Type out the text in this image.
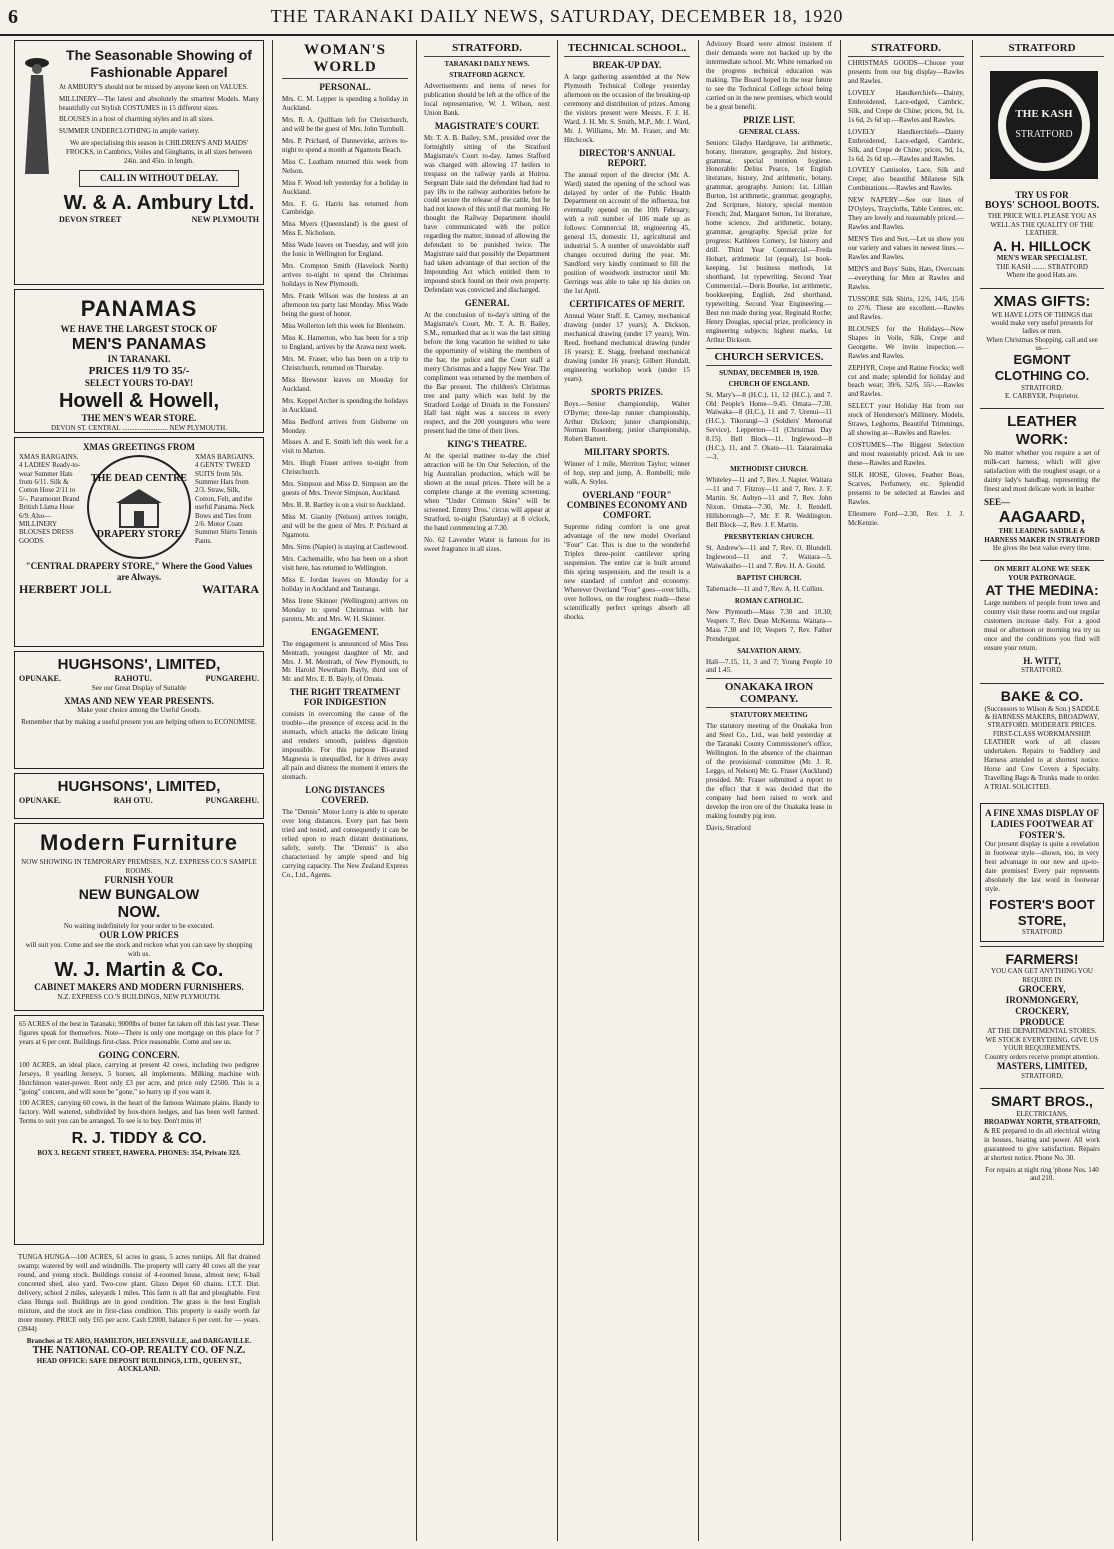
6	THE TARANAKI DAILY NEWS, SATURDAY, DECEMBER 18, 1920
The Seasonable Showing of Fashionable Apparel
At AMBURY'S should not be missed by anyone keen on VALUES.
MILLINERY—The latest and absolutely the smartest Models. Many beautifully cut Stylish COSTUMES in 15 different sizes.
BLOUSES in a host of charming styles and in all sizes.
SUMMER UNDERCLOTHING in ample variety.
We are specialising this season in CHILDREN'S AND MAIDS' FROCKS, in Cambrics, Voiles and Ginghams, in all sizes between 24in. and 45in. in length.
CALL IN WITHOUT DELAY.
W. & A. Ambury Ltd.
DEVON STREET	NEW PLYMOUTH
PANAMAS
WE HAVE THE LARGEST STOCK OF
MEN'S PANAMAS
IN TARANAKI.
PRICES 11/9 TO 35/-
SELECT YOURS TO-DAY!
Howell & Howell,
THE MEN'S WEAR STORE.
DEVON ST. CENTRAL .......................... NEW PLYMOUTH.
XMAS GREETINGS FROM
XMAS BARGAINS. 4 LADIES' Ready-to-wear Summer Hats from 6/11. Silk & Cotton Hose 2/11 to 5/-. Paramount Brand British Llama Hose 6/9. Also— MILLINERY BLOUSES DRESS GOODS.
THE DEAD CENTRE
DRAPERY STORE
XMAS BARGAINS. 4 GENTS' TWEED SUITS from 50s. Summer Hats from 2/3. Straw, Silk, Cotton, Felt, and the useful Panama. Neck Bows and Ties from 2/6. Motor Coats Summer Shirts Tennis Pants.
"CENTRAL DRAPERY STORE," Where the Good Values are Always.
HERBERT JOLL	WAITARA
HUGHSONS', LIMITED,
OPUNAKE.	RAHOTU.	PUNGAREHU.
See our Great Display of Suitable
XMAS AND NEW YEAR PRESENTS.
Make your choice among the Useful Goods.
Remember that by making a useful present you are helping others to ECONOMISE.
HUGHSONS', LIMITED,
OPUNAKE.	RAH OTU.	PUNGAREHU.
Modern Furniture
NOW SHOWING IN TEMPORARY PREMISES, N.Z. EXPRESS CO.'S SAMPLE ROOMS.
FURNISH YOUR
NEW BUNGALOW
NOW.
No waiting indefinitely for your order to be executed.
OUR LOW PRICES
will suit you. Come and see the stock and reckon what you can save by shopping with us.
W. J. Martin & Co.
CABINET MAKERS AND MODERN FURNISHERS.
N.Z. EXPRESS CO.'S BUILDINGS, NEW PLYMOUTH.
65 ACRES of the best in Taranaki; 9000lbs of butter fat taken off this last year. These figures speak for themselves. Note—There is only one mortgage on this place for 7 years at 6 per cent. Buildings first-class. Price reasonable. Come and see us.
GOING CONCERN.
100 ACRES, an ideal place, carrying at present 42 cows, including two pedigree Jerseys, 8 yearling Jerseys, 5 horses, all implements. Milking machine with Hutchinson water-power. Rent only £3 per acre, and price only £2500. This is a "going" concern, and will soon be "gone," so hurry up if you want it.
100 ACRES, carrying 60 cows, in the heart of the famous Waimate plains. Handy to factory. Well watered, subdivided by box-thorn hedges, and has been well farmed. Terms to suit you can be arranged. To see is to buy. Don't miss it!
R. J. TIDDY & CO.
BOX 3. REGENT STREET, HAWERA. PHONES: 354, Private 323.
TUNGA HUNGA—100 ACRES, 61 acres in grass, 5 acres turnips. All flat drained swamp; watered by well and windmills. The property will carry 40 cows all the year round, and young stock. Buildings consist of 4-roomed house, almost new; 6-bail concreted shed, also yard. Two-cow plant. Glaxo Depot 60 chains. I.T.T. Dist. delivery, school 2 miles, saleyards 1 miles. This farm is all flat and ploughable. First class Hunga soil. Buildings are in good condition. The grass is the best English mixture, and the stock are in first-class condition. This property is easily worth far more money. PRICE only £65 per acre. Cash £2000, balance 6 per cent. for — years. (3944)
Branches at TE ARO, HAMILTON, HELENSVILLE, and DARGAVILLE.
THE NATIONAL CO-OP. REALTY CO. OF N.Z.
HEAD OFFICE: SAFE DEPOSIT BUILDINGS, LTD., QUEEN ST., AUCKLAND.
WOMAN'S WORLD
PERSONAL.
Mrs. C. M. Lepper is spending a holiday in Auckland.
Mrs. R. A. Quilliam left for Christchurch, and will be the guest of Mrs. John Turnbull.
Mrs. P. Prichard, of Dannevirke, arrives to-night to spend a month at Ngamotu Beach.
Miss C. Leatham returned this week from Nelson.
Miss F. Wood left yesterday for a holiday in Auckland.
Mrs. F. G. Harris has returned from Cambridge.
Miss Myers (Queensland) is the guest of Miss E. Nicholson.
Miss Wade leaves on Tuesday, and will join the Ionic in Wellington for England.
Mrs. Crompton Smith (Havelock North) arrives to-night to spend the Christmas holidays in New Plymouth.
Mrs. Frank Wilson was the hostess at an afternoon tea party last Monday. Miss Wade being the guest of honor.
Miss Wollerton left this week for Blenheim.
Miss K. Hamerton, who has been for a trip to England, arrives by the Arawa next week.
Mrs. M. Fraser, who has been on a trip to Christchurch, returned on Thursday.
Miss Brewster leaves on Monday for Auckland.
Mrs. Keppel Archer is spending the holidays in Auckland.
Miss Bedford arrives from Gisborne on Monday.
Misses A. and E. Smith left this week for a visit to Marton.
Mrs. Hugh Fraser arrives to-night from Christchurch.
Mrs. Simpson and Miss D. Simpson are the guests of Mrs. Trevor Simpson, Auckland.
Mrs. B. B. Bartley is on a visit to Auckland.
Miss M. Gianity (Nelson) arrives tonight, and will be the guest of Mrs. P. Prichard at Ngamotu.
Mrs. Sims (Napier) is staying at Castlewood.
Mrs. Cachemaille, who has been on a short visit here, has returned to Wellington.
Miss E. Jordan leaves on Monday for a holiday in Auckland and Tauranga.
Miss Irene Skinner (Wellington) arrives on Monday to spend Christmas with her parents, Mr. and Mrs. W. H. Skinner.
ENGAGEMENT.
The engagement is announced of Miss Tess Mentrath, youngest daughter of Mr. and Mrs. J. M. Mentrath, of New Plymouth, to Mr. Harold Newnham Bayly, third son of Mr. and Mrs. E. B. Bayly, of Omata.
THE RIGHT TREATMENT FOR INDIGESTION
consists in overcoming the cause of the trouble—the presence of excess acid in the stomach, which attacks the delicate lining and renders smooth, painless digestion impossible. For this purpose Bi-urated Magnesia is unequalled, for it drives away all pain and distress the moment it enters the stomach.
LONG DISTANCES COVERED.
The "Dennis" Motor Lorry is able to operate over long distances. Every part has been tried and tested, and consequently it can be relied upon to reach distant destinations, safely, surely. The "Dennis" is also characterised by ample speed and big carrying capacity. The New Zealand Express Co., Ltd., Agents.
STRATFORD.
TARANAKI DAILY NEWS.
STRATFORD AGENCY.
Advertisements and items of news for publication should be left at the office of the local representative, W. J. Wilson, next Union Bank.
MAGISTRATE'S COURT.
Mr. T. A. B. Bailey, S.M., presided over the fortnightly sitting of the Stratford Magistrate's Court to-day. James Stafford was charged with allowing 17 heifers to trespass on the railway yards at Huiroa. Sergeant Dale said the defendant had had to pay 18s to the railway authorities before he could secure the release of the cattle, but he had not known of this until that morning. He thought the Railway Department should have communicated with the police regarding the matter, instead of allowing the defendant to be punished twice. The Magistrate said that possibly the Department had taken advantage of that section of the Impounding Act which entitled them to impound stock found on their own property. Defendant was convicted and discharged.
GENERAL
At the conclusion of to-day's sitting of the Magistrate's Court, Mr. T. A. B. Bailey, S.M., remarked that as it was the last sitting before the long vacation he wished to take the opportunity of wishing the members of the bar, the police and the Court staff a merry Christmas and a happy New Year. The compliment was returned by the members of the Bar present. The children's Christmas tree and party which was held by the Stratford Lodge of Druids in the Foresters' Hall last night was a success in every respect, and the 200 youngsters who were present had the time of their lives.
KING'S THEATRE.
At the special matinee to-day the chief attraction will be On Our Selection, of the big Australian production, which will be shown at the usual prices. There will be a complete change at the evening screening, when "Under Crimson Skies" will be screened. Emmy Dros.' circus will appear at Stratford, to-night (Saturday) at 8 o'clock, the band commencing at 7.30.
No. 62 Lavender Water is famous for its sweet fragrance in all sizes.
TECHNICAL SCHOOL.
BREAK-UP DAY.
A large gathering assembled at the New Plymouth Technical College yesterday afternoon on the occasion of the breaking-up ceremony and distribution of prizes. Among the visitors present were Messrs. F. J. H. Ward, J. H. Mr. S. Smith, M.P., Mr. J. Ward, Mr. J. Williams, Mr. M. Fraser, and Mr. Hitchcock.
DIRECTOR'S ANNUAL REPORT.
The annual report of the director (Mr. A. Ward) stated the opening of the school was delayed by order of the Public Health Department on account of the influenza, but eventually opened on the 10th February, with a roll number of 106 made up as follows: Commercial 18, engineering 45, general 15, domestic 11, agricultural and industrial 5. A number of unavoidable staff changes occurred during the year. Mr. Sandford very kindly continued to fill the position of woodwork instructor until Mr. Gerrings was able to take up his duties on the 1st April.
CERTIFICATES OF MERIT.
Annual Water Staff. E. Carney, mechanical drawing (under 17 years); A. Dickson, mechanical drawing (under 17 years); Wm. Reed, freehand mechanical drawing (under 16 years); E. Stagg, freehand mechanical drawing (under 16 years); Gilbert Hundall, engineering workshop work (under 15 years).
SPORTS PRIZES.
Boys.—Senior championship, Walter O'Byrne; three-lap runner championship, Arthur Dickson; junior championship, Norman Rosenberg; junior championship, Robert Barnett.
MILITARY SPORTS.
Winner of 1 mile, Merriton Taylor; winner of hop, step and jump, A. Rombelli; mile walk, A. Styles.
OVERLAND "FOUR" COMBINES ECONOMY AND COMFORT.
Supreme riding comfort is one great advantage of the new model Overland "Four" Car. This is due to the wonderful Triplex three-point cantilever spring suspension. The entire car is built around this spring suspension, and the result is a new standard of comfort and economy. Wherever Overland "Four" goes—over hills, over hollows, on the roughest roads—these scientifically perfect springs absorb all shocks.
Advisory Board were almost insistent if their demands were not backed up by the intermediate school. Mr. White remarked on the progress technical education was making. The Board hoped in the near future to see the Technical College school being carried on in the new premises, which would be a great benefit.
PRIZE LIST.
GENERAL CLASS.
Seniors: Gladys Hardgrave, 1st arithmetic, botany, literature, geography, 2nd history, grammar, special mention hygiene. Honorable: Delius Pearce, 1st English literature, history, 2nd arithmetic, botany, grammar, geography. Juniors: 1st, Lillian Burton, 1st arithmetic, grammar, geography, 2nd Scripture, history, special mention French; 2nd, Margaret Sutton, 1st literature, home science, 2nd arithmetic, botany, grammar, geography. Special prize for progress: Kathleen Comery, 1st history and drill. Third Year Commercial.—Freda Hobart, arithmetic 1st (equal), 1st book-keeping, 1st business methods, 1st shorthand, 1st typewriting. Second Year Commercial.—Doris Bourke, 1st arithmetic, bookkeeping, English, 2nd shorthand, typewriting. Second Year Engineering.—Best run made during year, Reginald Roche; Henry Douglas, special prize, proficiency in engineering subjects; highest marks, 1st Arthur Dickson.
CHURCH SERVICES.
SUNDAY, DECEMBER 19, 1920.
CHURCH OF ENGLAND.
St. Mary's—8 (H.C.), 11, 12 (H.C.), and 7. Old People's Home—9.45. Omata—7.30. Waiwaka—8 (H.C.), 11 and 7. Urenui—11 (H.C.). Tikorangi—3 (Soldiers' Memorial Service). Lepperton—11 (Christmas Day 8.15). Bell Block—11. Inglewood—8 (H.C.), 11, and 7. Okato—11. Tataraimaka—3.
METHODIST CHURCH.
Whiteley—11 and 7, Rev. J. Napier. Waitara—11 and 7. Fitzroy—11 and 7, Rev. J. F. Martin. St. Aubyn—11 and 7, Rev. John Nixon. Omata—7.30, Mr. J. Rendell. Hillsborough—7, Mr. F. R. Weddington. Bell Block—2, Rev. J. F. Martin.
PRESBYTERIAN CHURCH.
St. Andrew's—11 and 7, Rev. O. Blundell. Inglewood—11 and 7. Waitara—5. Waiwakaiho—11 and 7. Rev. H. A. Gould.
BAPTIST CHURCH.
Tabernacle—11 and 7, Rev. A. H. Collins.
ROMAN CATHOLIC.
New Plymouth—Mass 7.30 and 10.30; Vespers 7, Rev. Dean McKenna. Waitara—Mass 7.30 and 10; Vespers 7, Rev. Father Prendergast.
SALVATION ARMY.
Hall—7.15, 11, 3 and 7; Young People 10 and 1.45.
ONAKAKA IRON COMPANY.
STATUTORY MEETING
The statutory meeting of the Onakaka Iron and Steel Co., Ltd., was held yesterday at the Taranaki County Commissioner's office, Wellington. In the absence of the chairman of the provisional committee (Mr. J. R. Leggo, of Nelson) Mr. G. Fraser (Auckland) presided. Mr. Fraser submitted a report to the effect that it was decided that the company had been raised to work and develop the iron ore of the Onakaka lease in making foundry pig iron.
Davis, Stratford
STRATFORD.
CHRISTMAS GOODS—Choose your presents from our big display—Rawles and Rawles.
LOVELY Handkerchiefs—Dainty, Embroidered, Lace-edged, Cambric, Silk, and Crepe de Chine; prices, 9d, 1s, 1s 6d, 2s 6d up.—Rawles and Rawles.
LOVELY Handkerchiefs—Dainty Embroidered, Lace-edged, Cambric, Silk, and Crepe de Chine; prices, 9d, 1s, 1s 6d, 2s 6d up.—Rawles and Rawles.
LOVELY Camisoles, Lace, Silk and Crepe; also beautiful Milanese Silk Combinations.—Rawles and Rawles.
NEW NAPERY—See our lines of D'Oyleys, Traycloths, Table Centres, etc. They are lovely and reasonably priced.—Rawles and Rawles.
MEN'S Ties and Sox.—Let us show you our variety and values in newest lines.—Rawles and Rawles.
MEN'S and Boys' Suits, Hats, Overcoats—everything for Men at Rawles and Rawles.
TUSSORE Silk Shirts, 12/6, 14/6, 15/6 to 27/6. These are excellent.—Rawles and Rawles.
BLOUSES for the Holidays—New Shapes in Voile, Silk, Crepe and Georgette. We invite inspection.—Rawles and Rawles.
ZEPHYR, Crepe and Ratine Frocks; well cut and made; splendid for holiday and beach wear; 39/6, 52/6, 55/-.—Rawles and Rawles.
SELECT your Holiday Hat from our stock of Henderson's Millinery. Models, Straws, Leghorns, Beautiful Trimmings, all showing at—Rawles and Rawles.
COSTUMES—The Biggest Selection and most reasonably priced. Ask to see these—Rawles and Rawles.
SILK HOSE, Gloves, Feather Boas, Scarves, Perfumery, etc. Splendid presents to be selected at Rawles and Rawles.
Ellesmere Ford—2.30, Rev. J. J. McKenzie.
STRATFORD
THE KASH
STRATFORD
TRY US FOR
BOYS' SCHOOL BOOTS.
THE PRICE WILL PLEASE YOU AS WELL AS THE QUALITY OF THE LEATHER.
A. H. HILLOCK
MEN'S WEAR SPECIALIST.
THE KASH ........ STRATFORD
Where the good Hats are.
XMAS GIFTS:
WE HAVE LOTS OF THINGS that would make very useful presents for ladies or men.
When Christmas Shopping, call and see us—
EGMONT CLOTHING CO.
STRATFORD.
E. CARBYER, Proprietor.
LEATHER WORK:
No matter whether you require a set of milk-cart harness, which will give satisfaction with the roughest usage, or a dainty lady's handbag, representing the finest and most delicate work in leather
SEE—
AAGAARD,
THE LEADING SADDLE & HARNESS MAKER IN STRATFORD
He gives the best value every time.
ON MERIT ALONE WE SEEK YOUR PATRONAGE.
AT THE MEDINA:
Large numbers of people from town and country visit these rooms and our regular customers increase daily. For a good meal or afternoon or morning tea try us once and the conditions you find will ensure your return.
H. WITT,
STRATFORD.
BAKE & CO.
(Successors to Wilson & Son.) SADDLE & HARNESS MAKERS, BROADWAY, STRATFORD. MODERATE PRICES. FIRST-CLASS WORKMANSHIP.
LEATHER work of all classes undertaken. Repairs to Saddlery and Harness attended to at shortest notice. Horse and Cow Covers a Specialty. Travelling Bags & Trunks made to order. A TRIAL SOLICITED.
A FINE XMAS DISPLAY OF LADIES FOOTWEAR AT FOSTER'S.
Our present display is quite a revelation in footwear style—shown, too, in very best advantage in our new and up-to-date premises! Every pair represents absolutely the last word in footwear style.
FOSTER'S BOOT STORE,
STRATFORD
FARMERS!
YOU CAN GET ANYTHING YOU REQUIRE IN
GROCERY,
IRONMONGERY,
CROCKERY,
PRODUCE
AT THE DEPARTMENTAL STORES.
WE STOCK EVERYTHING. GIVE US YOUR REQUIREMENTS.
Country orders receive prompt attention.
MASTERS, LIMITED,
STRATFORD,
SMART BROS.,
ELECTRICIANS,
BROADWAY NORTH, STRATFORD,
& RE prepared to do all electrical wiring in houses, heating and power. All work guaranteed to give satisfaction. Repairs at shortest notice. Phone No. 30.
For repairs at night ring 'phone Nos. 140 and 210.
